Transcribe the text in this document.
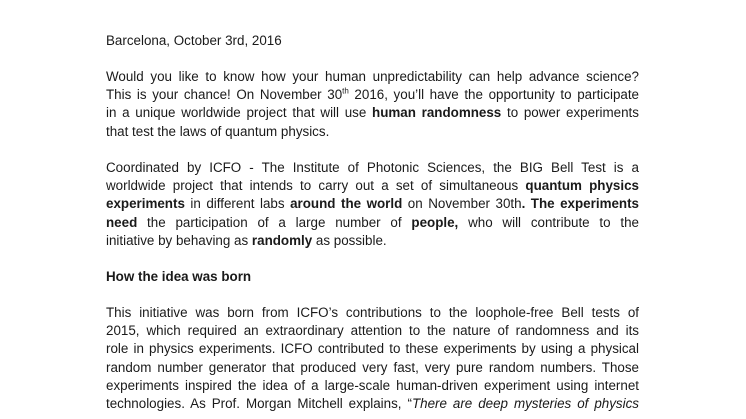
Barcelona, October 3rd, 2016
Would you like to know how your human unpredictability can help advance science?
This is your chance! On November 30th 2016, you’ll have the opportunity to participate
in a unique worldwide project that will use human randomness to power experiments
that test the laws of quantum physics.
Coordinated by ICFO - The Institute of Photonic Sciences, the BIG Bell Test is a
worldwide project that intends to carry out a set of simultaneous quantum physics
experiments in different labs around the world on November 30th. The experiments
need the participation of a large number of people, who will contribute to the
initiative by behaving as randomly as possible.
How the idea was born
This initiative was born from ICFO’s contributions to the loophole-free Bell tests of
2015, which required an extraordinary attention to the nature of randomness and its
role in physics experiments. ICFO contributed to these experiments by using a physical
random number generator that produced very fast, very pure random numbers. Those
experiments inspired the idea of a large-scale human-driven experiment using internet
technologies. As Prof. Morgan Mitchell explains, “There are deep mysteries of physics
